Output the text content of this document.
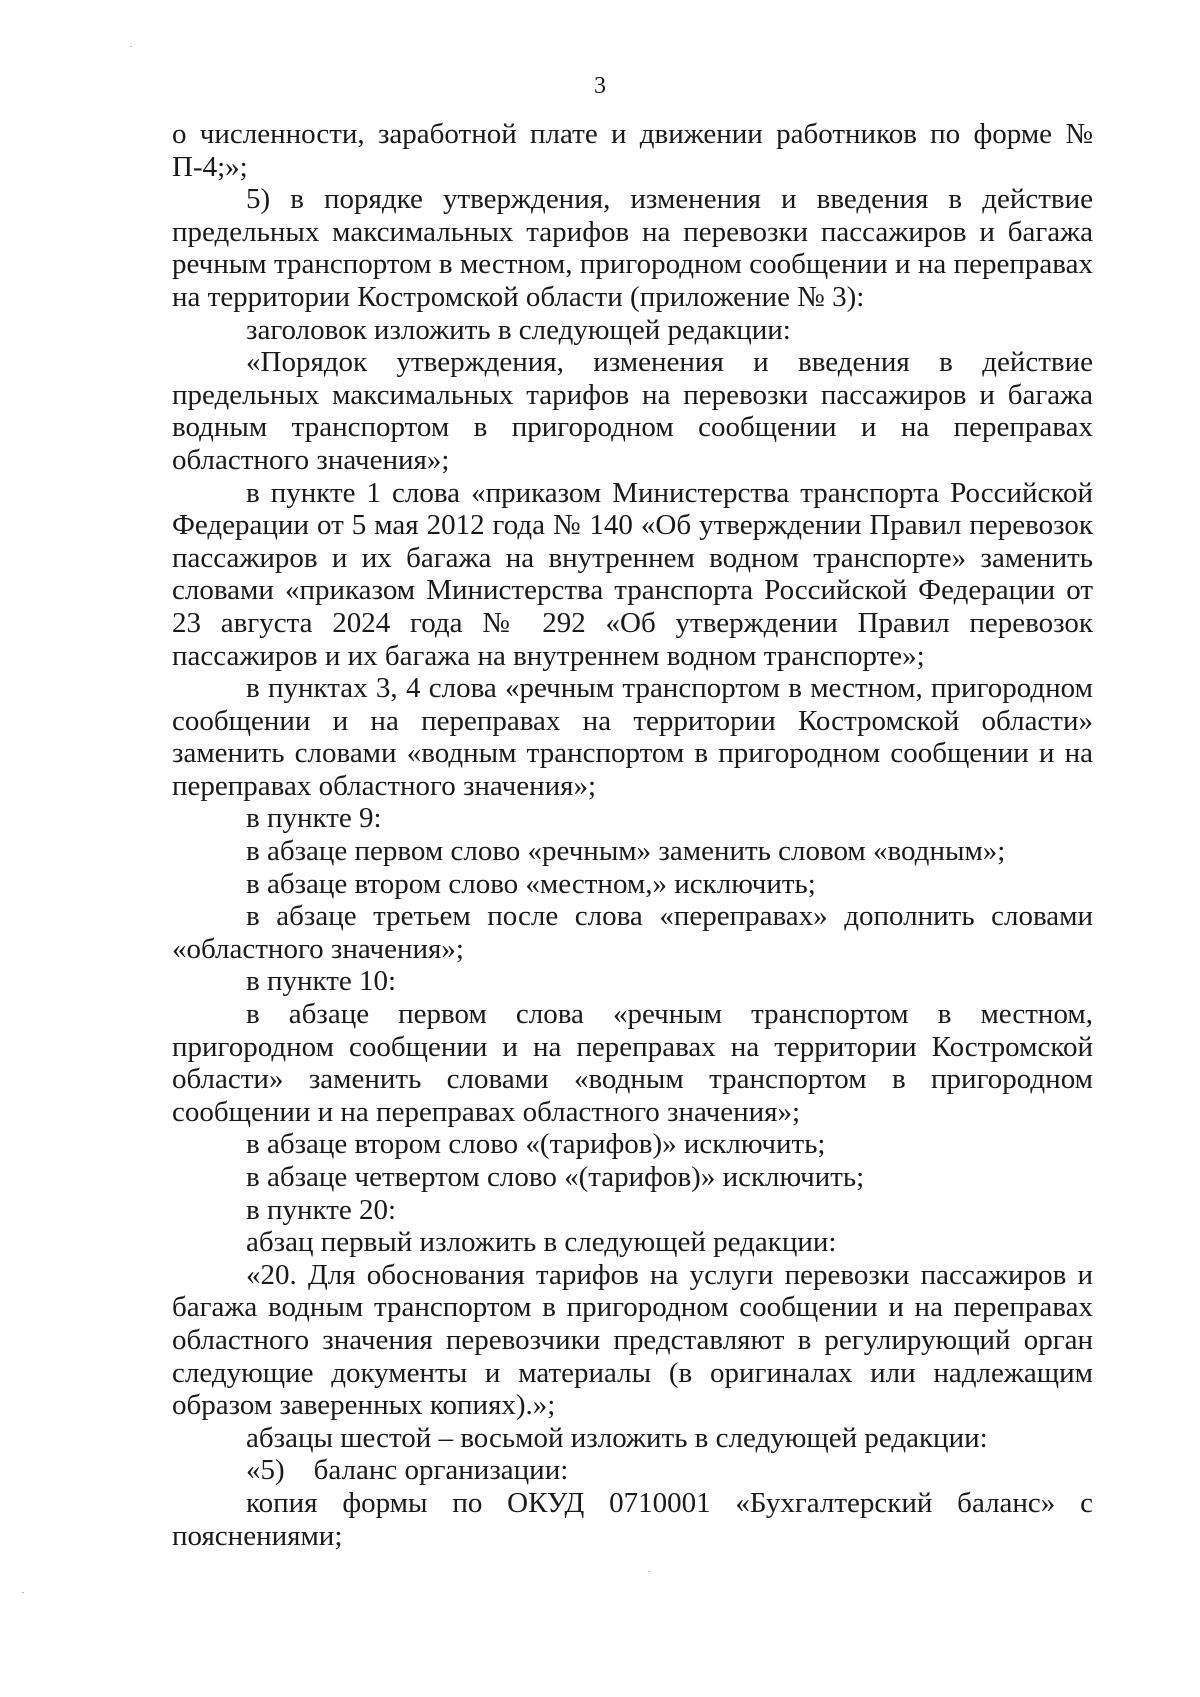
3

о численности, заработной плате и движении работников по форме № П-4;»;

5) в порядке утверждения, изменения и введения в действие предельных максимальных тарифов на перевозки пассажиров и багажа речным транспортом в местном, пригородном сообщении и на переправах на территории Костромской области (приложение № 3):

заголовок изложить в следующей редакции:

«Порядок утверждения, изменения и введения в действие предельных максимальных тарифов на перевозки пассажиров и багажа водным транспортом в пригородном сообщении и на переправах областного значения»;

в пункте 1 слова «приказом Министерства транспорта Российской Федерации от 5 мая 2012 года № 140 «Об утверждении Правил перевозок пассажиров и их багажа на внутреннем водном транспорте» заменить словами «приказом Министерства транспорта Российской Федерации от 23 августа 2024 года № 292 «Об утверждении Правил перевозок пассажиров и их багажа на внутреннем водном транспорте»;

в пунктах 3, 4 слова «речным транспортом в местном, пригородном сообщении и на переправах на территории Костромской области» заменить словами «водным транспортом в пригородном сообщении и на переправах областного значения»;

в пункте 9:

в абзаце первом слово «речным» заменить словом «водным»;

в абзаце втором слово «местном,» исключить;

в абзаце третьем после слова «переправах» дополнить словами «областного значения»;

в пункте 10:

в абзаце первом слова «речным транспортом в местном, пригородном сообщении и на переправах на территории Костромской области» заменить словами «водным транспортом в пригородном сообщении и на переправах областного значения»;

в абзаце втором слово «(тарифов)» исключить;

в абзаце четвертом слово «(тарифов)» исключить;

в пункте 20:

абзац первый изложить в следующей редакции:

«20. Для обоснования тарифов на услуги перевозки пассажиров и багажа водным транспортом в пригородном сообщении и на переправах областного значения перевозчики представляют в регулирующий орган следующие документы и материалы (в оригиналах или надлежащим образом заверенных копиях).»;

абзацы шестой – восьмой изложить в следующей редакции:

«5)    баланс организации:

копия формы по ОКУД 0710001 «Бухгалтерский баланс» с пояснениями;
